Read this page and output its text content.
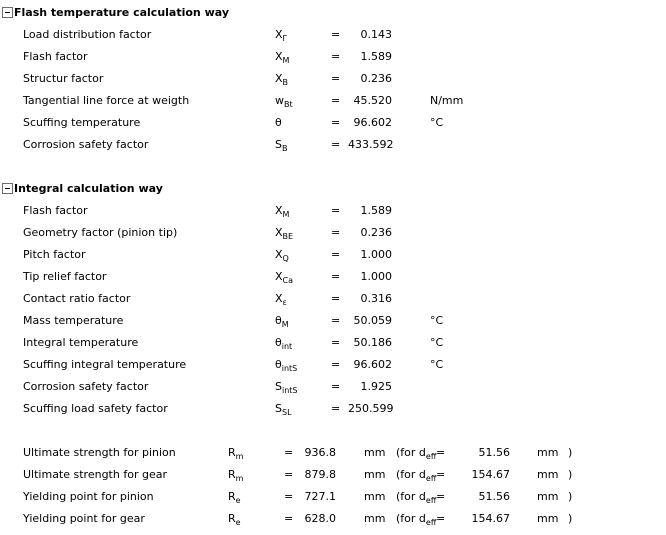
Flash temperature calculation way
Load distribution factor	$X_\Gamma$	=	0.143
Flash factor	$X_M$	=	1.589
Structur factor	$X_B$	=	0.236
Tangential line force at weigth	$w_{Bt}$	=	45.520	N/mm
Scuffing temperature	θ	=	96.602	°C
Corrosion safety factor	$S_B$	= 433.592
Integral calculation way
Flash factor	$X_M$	=	1.589
Geometry factor (pinion tip)	$X_{BE}$	=	0.236
Pitch factor	$X_Q$	=	1.000
Tip relief factor	$X_{Ca}$	=	1.000
Contact ratio factor	$X_\varepsilon$	=	0.316
Mass temperature	$\theta_M$	=	50.059	°C
Integral temperature	$\theta_{int}$	=	50.186	°C
Scuffing integral temperature	$\theta_{intS}$	=	96.602	°C
Corrosion safety factor	$S_{intS}$	=	1.925
Scuffing load safety factor	$S_{SL}$	= 250.599
Ultimate strength for pinion	$R_m$	=	936.8	mm (for $d_{eff}$ =	51.56 mm )
Ultimate strength for gear	$R_m$	=	879.8	mm (for $d_{eff}$ =	154.67 mm )
Yielding point for pinion	$R_e$	=	727.1	mm (for $d_{eff}$ =	51.56 mm )
Yielding point for gear	$R_e$	=	628.0	mm (for $d_{eff}$ =	154.67 mm )
